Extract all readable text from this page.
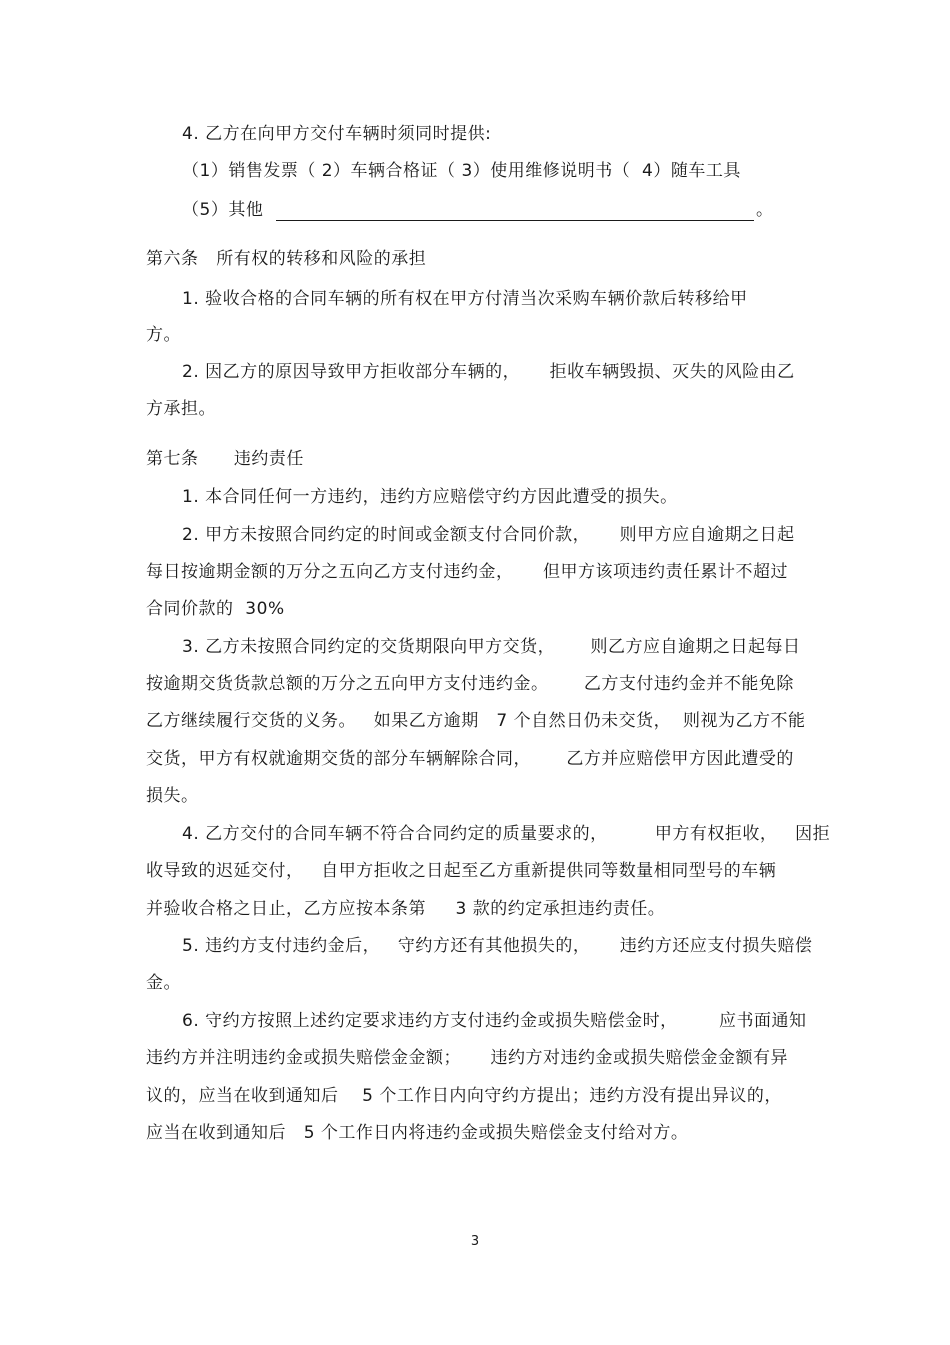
4. 乙方在向甲方交付车辆时须同时提供:
（1）销售发票（ 2）车辆合格证（ 3）使用维修说明书（  4）随车工具
（5）其他	。
第六条   所有权的转移和风险的承担
1. 验收合格的合同车辆的所有权在甲方付清当次采购车辆价款后转移给甲
方。
2. 因乙方的原因导致甲方拒收部分车辆的，     拒收车辆毁损、灭失的风险由乙
方承担。
第七条      违约责任
1. 本合同任何一方违约，违约方应赔偿守约方因此遭受的损失。
2. 甲方未按照合同约定的时间或金额支付合同价款，     则甲方应自逾期之日起
每日按逾期金额的万分之五向乙方支付违约金，     但甲方该项违约责任累计不超过
合同价款的  30%
3. 乙方未按照合同约定的交货期限向甲方交货，      则乙方应自逾期之日起每日
按逾期交货货款总额的万分之五向甲方支付违约金。      乙方支付违约金并不能免除
乙方继续履行交货的义务。   如果乙方逾期   7 个自然日仍未交货，  则视为乙方不能
交货，甲方有权就逾期交货的部分车辆解除合同，      乙方并应赔偿甲方因此遭受的
损失。
4. 乙方交付的合同车辆不符合合同约定的质量要求的，        甲方有权拒收，   因拒
收导致的迟延交付，   自甲方拒收之日起至乙方重新提供同等数量相同型号的车辆
并验收合格之日止，乙方应按本条第     3 款的约定承担违约责任。
5. 违约方支付违约金后，   守约方还有其他损失的，     违约方还应支付损失赔偿
金。
6. 守约方按照上述约定要求违约方支付违约金或损失赔偿金时，       应书面通知
违约方并注明违约金或损失赔偿金金额；     违约方对违约金或损失赔偿金金额有异
议的，应当在收到通知后    5 个工作日内向守约方提出；违约方没有提出异议的，
应当在收到通知后   5 个工作日内将违约金或损失赔偿金支付给对方。
3
